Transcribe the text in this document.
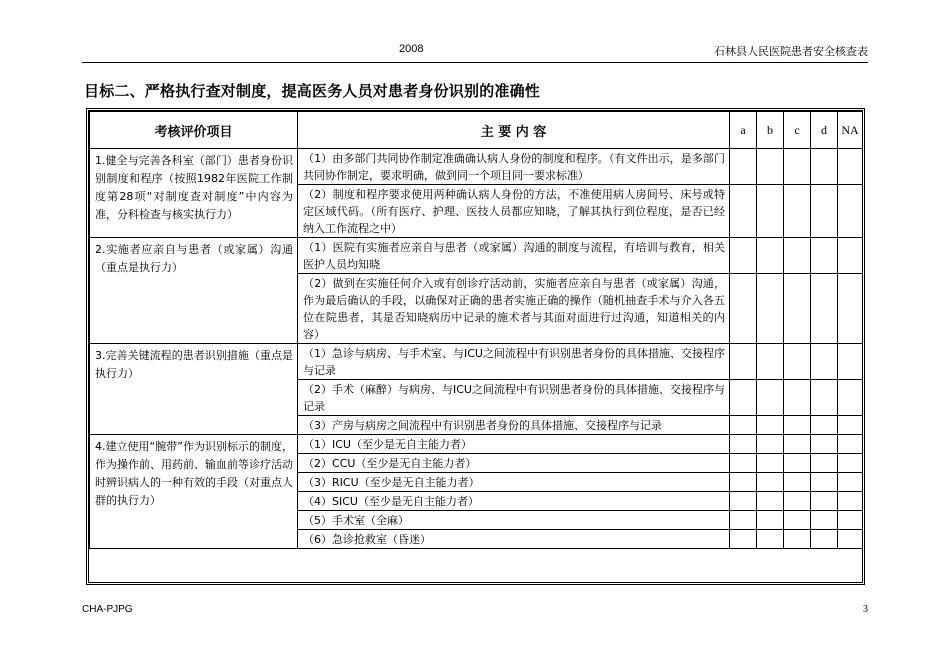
2008	石林县人民医院患者安全核查表
目标二、严格执行查对制度，提高医务人员对患者身份识别的准确性
考核评价项目	主 要 内 容	a	b	c	d	NA
1.健全与完善各科室（部门）患者身份识别制度和程序（按照1982年医院工作制度第28项“对制度查对制度”中内容为准，分科检查与核实执行力）	（1）由多部门共同协作制定准确确认病人身份的制度和程序。（有文件出示，是多部门共同协作制定，要求明确，做到同一个项目同一要求标准）					
	（2）制度和程序要求使用两种确认病人身份的方法，不准使用病人房间号、床号或特定区域代码。（所有医疗、护理、医技人员都应知晓，了解其执行到位程度，是否已经纳入工作流程之中）					
2.实施者应亲自与患者（或家属）沟通（重点是执行力）	（1）医院有实施者应亲自与患者（或家属）沟通的制度与流程，有培训与教育，相关医护人员均知晓					
	（2）做到在实施任何介入或有创诊疗活动前，实施者应亲自与患者（或家属）沟通，作为最后确认的手段，以确保对正确的患者实施正确的操作（随机抽查手术与介入各五位在院患者，其是否知晓病历中记录的施术者与其面对面进行过沟通，知道相关的内容）					
3.完善关键流程的患者识别措施（重点是执行力）	（1）急诊与病房、与手术室、与ICU之间流程中有识别患者身份的具体措施、交接程序与记录					
	（2）手术（麻醉）与病房、与ICU之间流程中有识别患者身份的具体措施、交接程序与记录					
	（3）产房与病房之间流程中有识别患者身份的具体措施、交接程序与记录					
4.建立使用“腕带”作为识别标示的制度，作为操作前、用药前、输血前等诊疗活动时辨识病人的一种有效的手段（对重点人群的执行力）	（1）ICU（至少是无自主能力者）					
	（2）CCU（至少是无自主能力者）					
	（3）RICU（至少是无自主能力者）					
	（4）SICU（至少是无自主能力者）					
	（5）手术室（全麻）					
	（6）急诊抢救室（昏迷）					
CHA-PJPG	3
